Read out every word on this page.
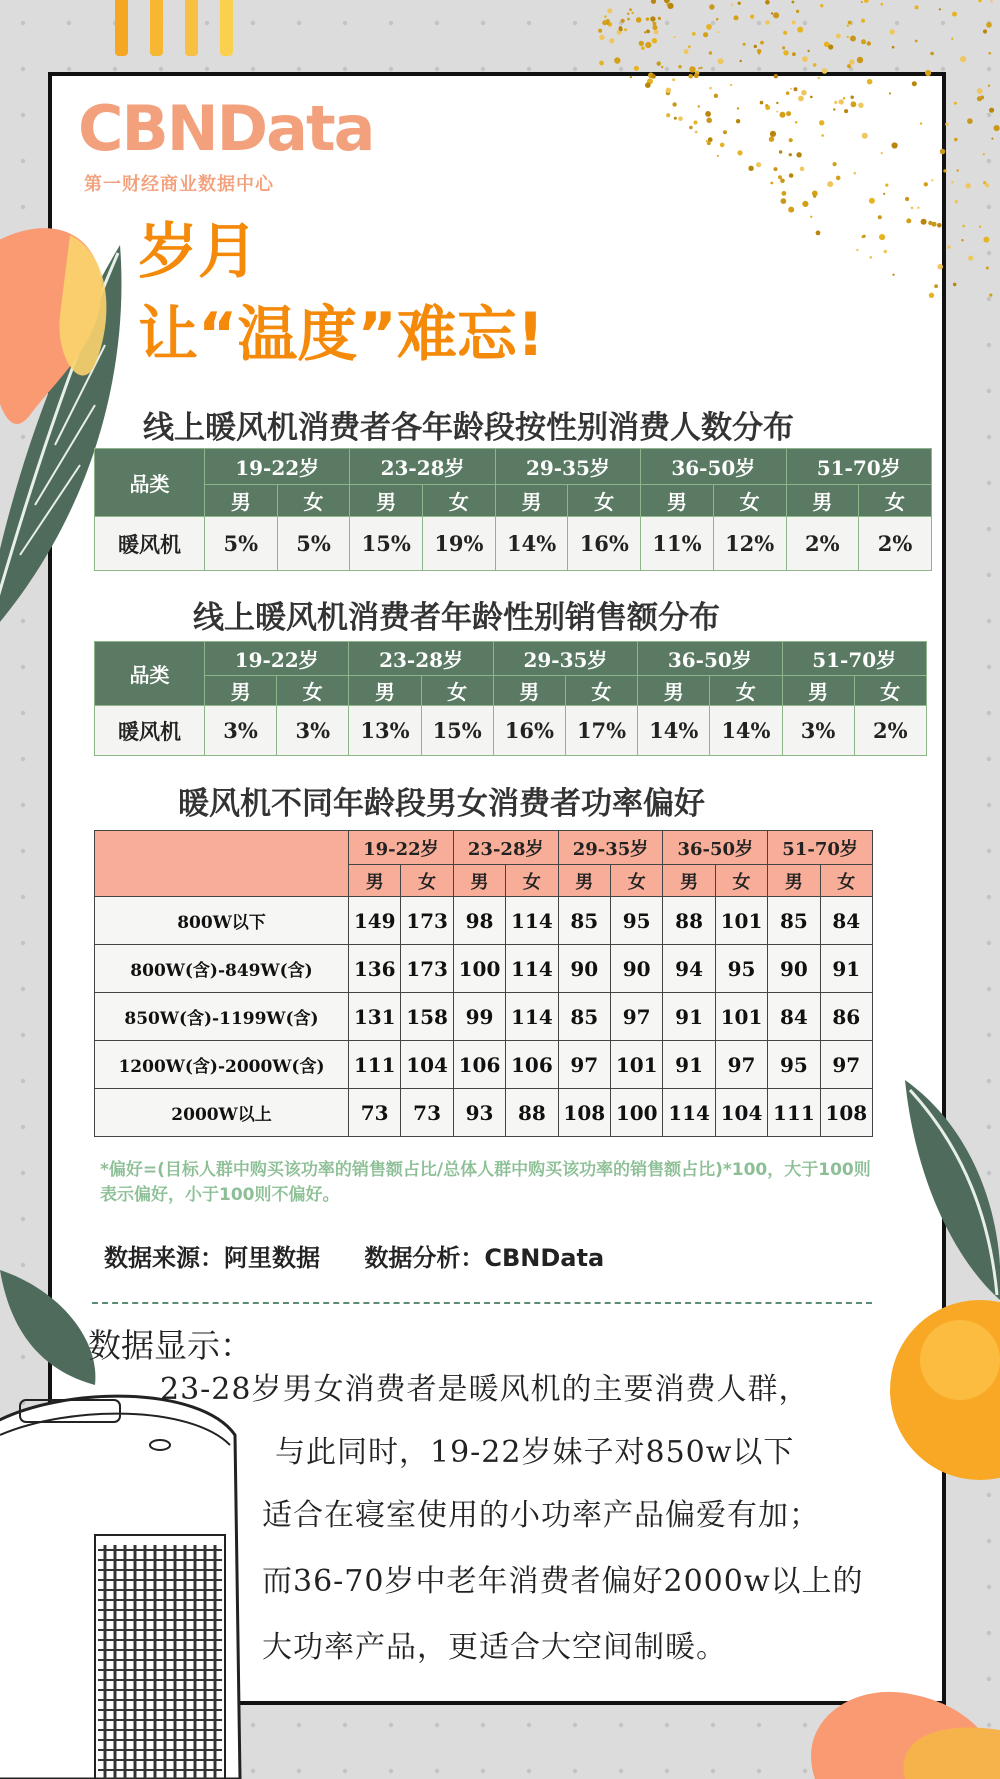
CBNData
第一财经商业数据中心
岁月
让“温度”难忘!
线上暖风机消费者各年龄段按性别消费人数分布
品类	19-22岁		23-28岁		29-35岁		36-50岁		51-70岁	
	男	女	男	女	男	女	男	女	男	女
暖风机	5%	5%	15%	19%	14%	16%	11%	12%	2%	2%
线上暖风机消费者年龄性别销售额分布
品类	19-22岁		23-28岁		29-35岁		36-50岁		51-70岁	
	男	女	男	女	男	女	男	女	男	女
暖风机	3%	3%	13%	15%	16%	17%	14%	14%	3%	2%
暖风机不同年龄段男女消费者功率偏好
	19-22岁		23-28岁		29-35岁		36-50岁		51-70岁	
	男	女	男	女	男	女	男	女	男	女
800W以下	149	173	98	114	85	95	88	101	85	84
800W(含)-849W(含)	136	173	100	114	90	90	94	95	90	91
850W(含)-1199W(含)	131	158	99	114	85	97	91	101	84	86
1200W(含)-2000W(含)	111	104	106	106	97	101	91	97	95	97
2000W以上	73	73	93	88	108	100	114	104	111	108
*偏好=(目标人群中购买该功率的销售额占比/总体人群中购买该功率的销售额占比)*100，大于100则表示偏好，小于100则不偏好。
数据来源：阿里数据 数据分析：CBNData
数据显示：
23-28岁男女消费者是暖风机的主要消费人群，
与此同时，19-22岁妹子对850w以下
适合在寝室使用的小功率产品偏爱有加；
而36-70岁中老年消费者偏好2000w以上的
大功率产品，更适合大空间制暖。
